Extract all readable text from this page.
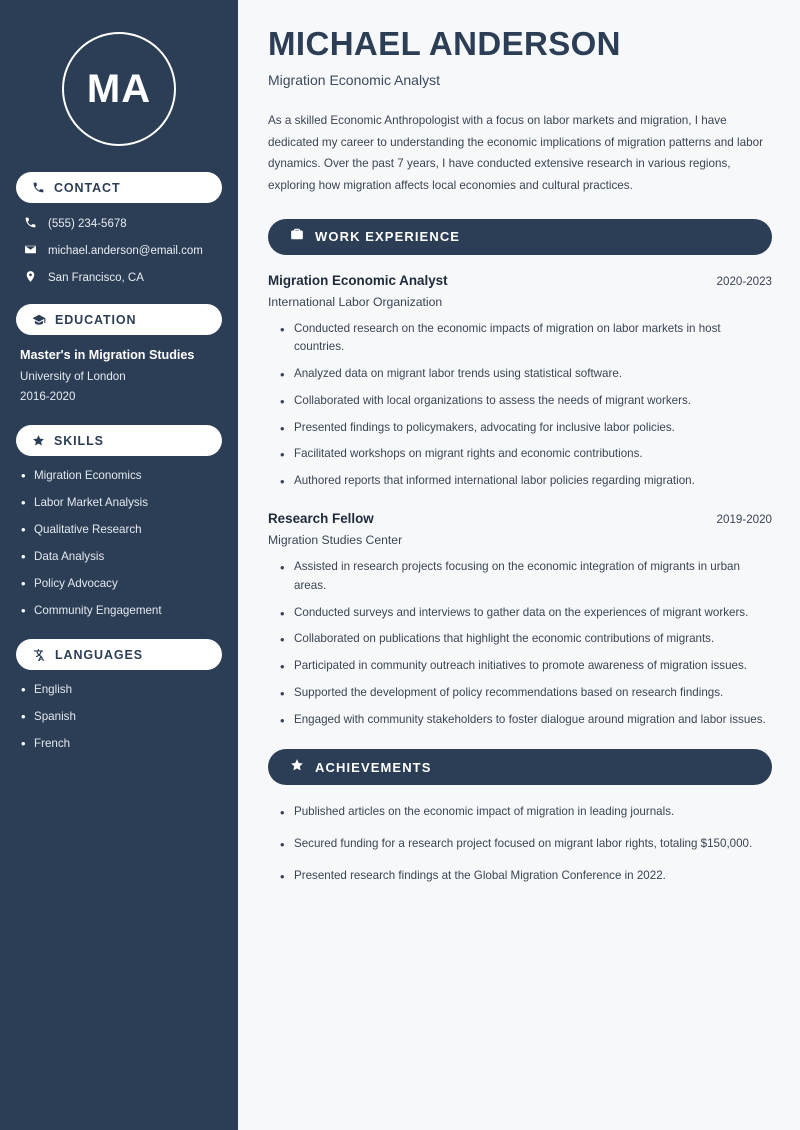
MA
CONTACT
(555) 234-5678
michael.anderson@email.com
San Francisco, CA
EDUCATION
Master's in Migration Studies
University of London
2016-2020
SKILLS
• Migration Economics
• Labor Market Analysis
• Qualitative Research
• Data Analysis
• Policy Advocacy
• Community Engagement
LANGUAGES
• English
• Spanish
• French
MICHAEL ANDERSON
Migration Economic Analyst

As a skilled Economic Anthropologist with a focus on labor markets and migration, I have dedicated my career to understanding the economic implications of migration patterns and labor dynamics. Over the past 7 years, I have conducted extensive research in various regions, exploring how migration affects local economies and cultural practices.

WORK EXPERIENCE
Migration Economic Analyst	2020-2023
International Labor Organization
• Conducted research on the economic impacts of migration on labor markets in host countries.
• Analyzed data on migrant labor trends using statistical software.
• Collaborated with local organizations to assess the needs of migrant workers.
• Presented findings to policymakers, advocating for inclusive labor policies.
• Facilitated workshops on migrant rights and economic contributions.
• Authored reports that informed international labor policies regarding migration.
Research Fellow	2019-2020
Migration Studies Center
• Assisted in research projects focusing on the economic integration of migrants in urban areas.
• Conducted surveys and interviews to gather data on the experiences of migrant workers.
• Collaborated on publications that highlight the economic contributions of migrants.
• Participated in community outreach initiatives to promote awareness of migration issues.
• Supported the development of policy recommendations based on research findings.
• Engaged with community stakeholders to foster dialogue around migration and labor issues.
ACHIEVEMENTS
• Published articles on the economic impact of migration in leading journals.
• Secured funding for a research project focused on migrant labor rights, totaling $150,000.
• Presented research findings at the Global Migration Conference in 2022.
